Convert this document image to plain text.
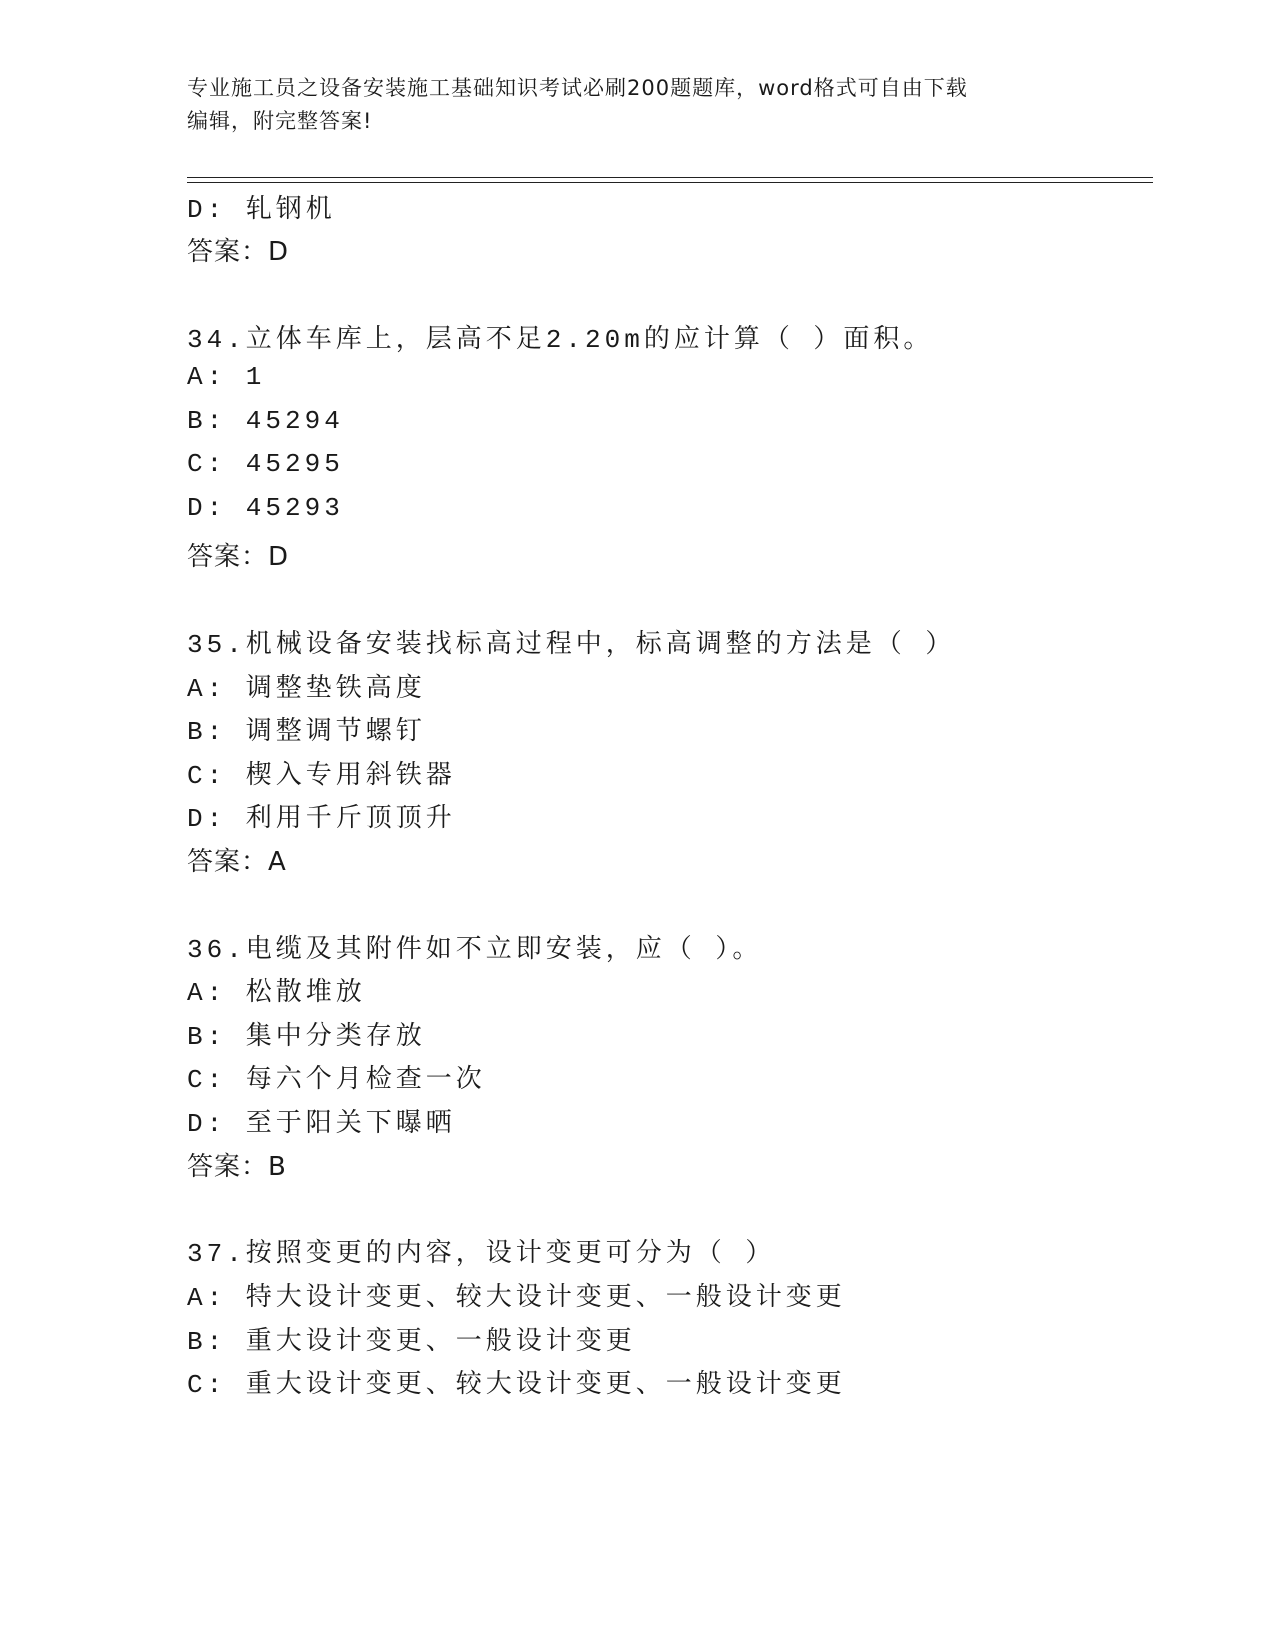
专业施工员之设备安装施工基础知识考试必刷200题题库，word格式可自由下载
编辑，附完整答案!
D: 轧钢机
答案：D
34.立体车库上，层高不足2.20m的应计算（ ）面积。
A: 1
B: 45294
C: 45295
D: 45293
答案：D
35.机械设备安装找标高过程中，标高调整的方法是（ ）
A: 调整垫铁高度
B: 调整调节螺钉
C: 楔入专用斜铁器
D: 利用千斤顶顶升
答案：A
36.电缆及其附件如不立即安装，应（ ）。
A: 松散堆放
B: 集中分类存放
C: 每六个月检查一次
D: 至于阳关下曝晒
答案：B
37.按照变更的内容，设计变更可分为（ ）
A: 特大设计变更、较大设计变更、一般设计变更
B: 重大设计变更、一般设计变更
C: 重大设计变更、较大设计变更、一般设计变更
